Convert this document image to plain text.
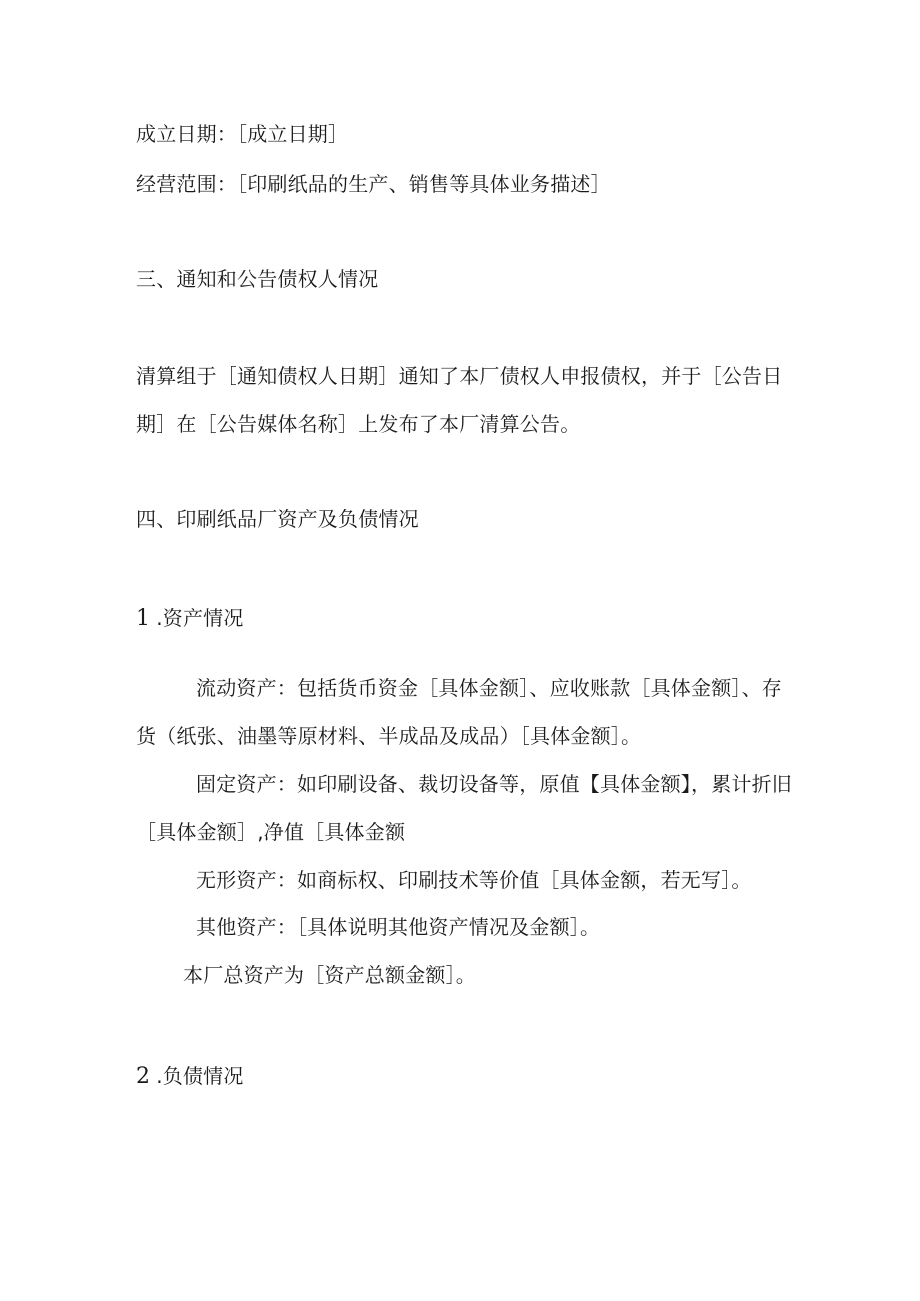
成立日期：［成立日期］
经营范围：［印刷纸品的生产、销售等具体业务描述］
三、通知和公告债权人情况

清算组于［通知债权人日期］通知了本厂债权人申报债权，并于［公告日期］在［公告媒体名称］上发布了本厂清算公告。

四、印刷纸品厂资产及负债情况
1 .资产情况

流动资产：包括货币资金［具体金额］、应收账款［具体金额］、存货（纸张、油墨等原材料、半成品及成品）［具体金额］。

固定资产：如印刷设备、裁切设备等，原值【具体金额】，累计折旧［具体金额］,净值［具体金额

无形资产：如商标权、印刷技术等价值［具体金额，若无写］。
其他资产：［具体说明其他资产情况及金额］。
本厂总资产为［资产总额金额］。
2 .负债情况
